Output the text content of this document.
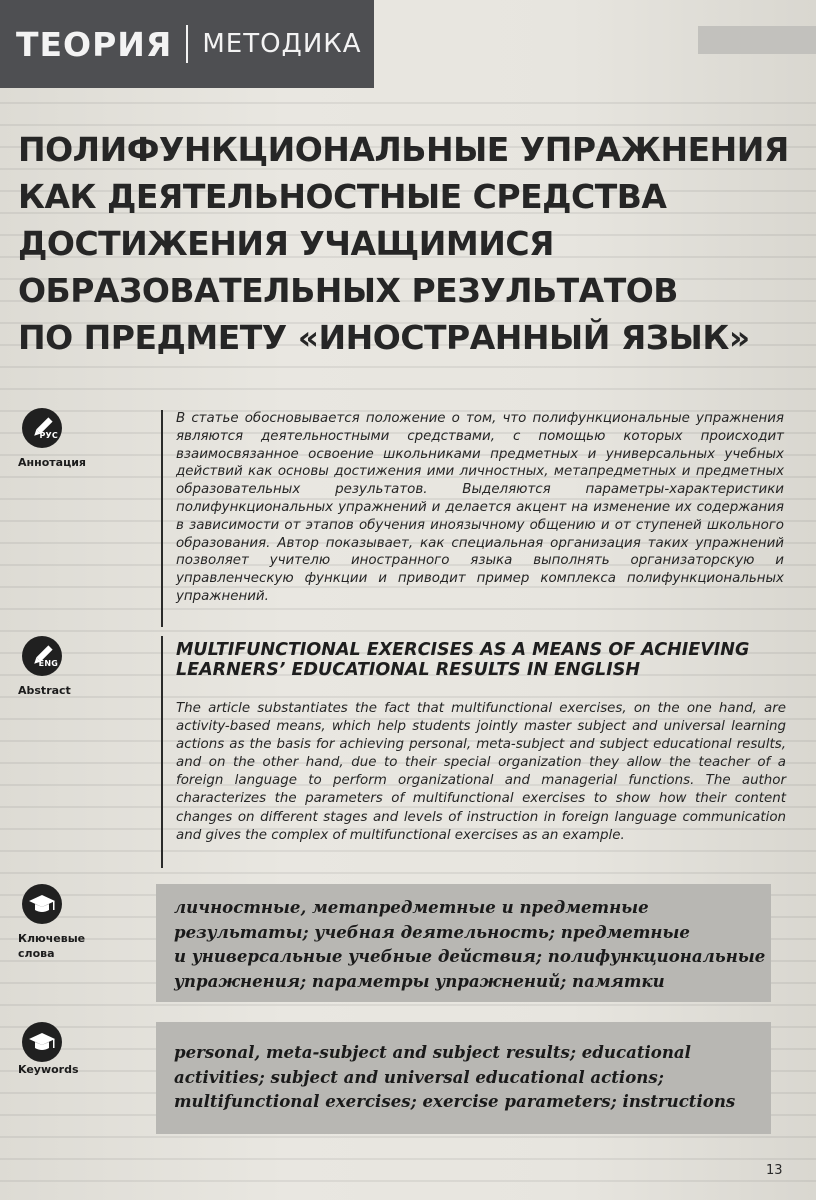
ТЕОРИЯ МЕТОДИКА
ПОЛИФУНКЦИОНАЛЬНЫЕ УПРАЖНЕНИЯ
КАК ДЕЯТЕЛЬНОСТНЫЕ СРЕДСТВА
ДОСТИЖЕНИЯ УЧАЩИМИСЯ
ОБРАЗОВАТЕЛЬНЫХ РЕЗУЛЬТАТОВ
ПО ПРЕДМЕТУ «ИНОСТРАННЫЙ ЯЗЫК»
РУС
Аннотация
В статье обосновывается положение о том, что полифункциональные упражнения являются деятельностными средствами, с помощью которых происходит взаимосвязанное освоение школьниками предметных и универсальных учебных действий как основы достижения ими личностных, метапредметных и предметных образовательных результатов. Выделяются параметры-характеристики полифункциональных упражнений и делается акцент на изменение их содержания в зависимости от этапов обучения иноязычному общению и от ступеней школьного образования. Автор показывает, как специальная организация таких упражнений позволяет учителю иностранного языка выполнять организаторскую и управленческую функции и приводит пример комплекса полифункциональных упражнений.
ENG
Abstract
MULTIFUNCTIONAL EXERCISES AS A MEANS OF ACHIEVING
LEARNERS’ EDUCATIONAL RESULTS IN ENGLISH
The article substantiates the fact that multifunctional exercises, on the one hand, are activity-based means, which help students jointly master subject and universal learning actions as the basis for achieving personal, meta-subject and subject educational results, and on the other hand, due to their special organization they allow the teacher of a foreign language to perform organizational and managerial functions. The author characterizes the parameters of multifunctional exercises to show how their content changes on different stages and levels of instruction in foreign language communication and gives the complex of multifunctional exercises as an example.
Ключевые
слова
личностные, метапредметные и предметные
результаты; учебная деятельность; предметные
и универсальные учебные действия; полифункциональные
упражнения; параметры упражнений; памятки
Keywords
personal, meta-subject and subject results; educational
activities; subject and universal educational actions;
multifunctional exercises; exercise parameters; instructions
13
